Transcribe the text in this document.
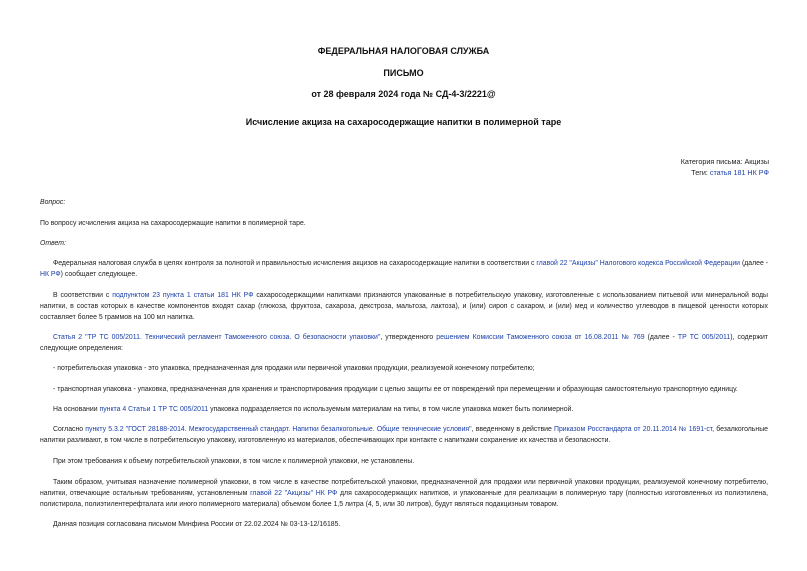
ФЕДЕРАЛЬНАЯ НАЛОГОВАЯ СЛУЖБА
ПИСЬМО
от 28 февраля 2024 года № СД-4-3/2221@
Исчисление акциза на сахаросодержащие напитки в полимерной таре
Категория письма: Акцизы
Теги: статья 181 НК РФ
Вопрос:
По вопросу исчисления акциза на сахаросодержащие напитки в полимерной таре.
Ответ:
Федеральная налоговая служба в целях контроля за полнотой и правильностью исчисления акцизов на сахаросодержащие напитки в соответствии с главой 22 "Акцизы" Налогового кодекса Российской Федерации (далее - НК РФ) сообщает следующее.
В соответствии с подпунктом 23 пункта 1 статьи 181 НК РФ сахаросодержащими напитками признаются упакованные в потребительскую упаковку, изготовленные с использованием питьевой или минеральной воды напитки, в состав которых в качестве компонентов входят сахар (глюкоза, фруктоза, сахароза, декстроза, мальтоза, лактоза), и (или) сироп с сахаром, и (или) мед и количество углеводов в пищевой ценности которых составляет более 5 граммов на 100 мл напитка.
Статья 2 "ТР ТС 005/2011. Технический регламент Таможенного союза. О безопасности упаковки", утвержденного решением Комиссии Таможенного союза от 16.08.2011 № 769 (далее - ТР ТС 005/2011), содержит следующие определения:
- потребительская упаковка - это упаковка, предназначенная для продажи или первичной упаковки продукции, реализуемой конечному потребителю;
- транспортная упаковка - упаковка, предназначенная для хранения и транспортирования продукции с целью защиты ее от повреждений при перемещении и образующая самостоятельную транспортную единицу.
На основании пункта 4 Статьи 1 ТР ТС 005/2011 упаковка подразделяется по используемым материалам на типы, в том числе упаковка может быть полимерной.
Согласно пункту 5.3.2 "ГОСТ 28188-2014. Межгосударственный стандарт. Напитки безалкогольные. Общие технические условия", введенному в действие Приказом Росстандарта от 20.11.2014 № 1691-ст, безалкогольные напитки разливают, в том числе в потребительскую упаковку, изготовленную из материалов, обеспечивающих при контакте с напитками сохранение их качества и безопасности.
При этом требования к объему потребительской упаковки, в том числе к полимерной упаковки, не установлены.
Таким образом, учитывая назначение полимерной упаковки, в том числе в качестве потребительской упаковки, предназначенной для продажи или первичной упаковки продукции, реализуемой конечному потребителю, напитки, отвечающие остальным требованиям, установленным главой 22 "Акцизы" НК РФ для сахаросодержащих напитков, и упакованные для реализации в полимерную тару (полностью изготовленных из полиэтилена, полистирола, полиэтилентерефталата или иного полимерного материала) объемом более 1,5 литра (4, 5, или 30 литров), будут являться подакцизным товаром.
Данная позиция согласована письмом Минфина России от 22.02.2024 № 03-13-12/16185.
